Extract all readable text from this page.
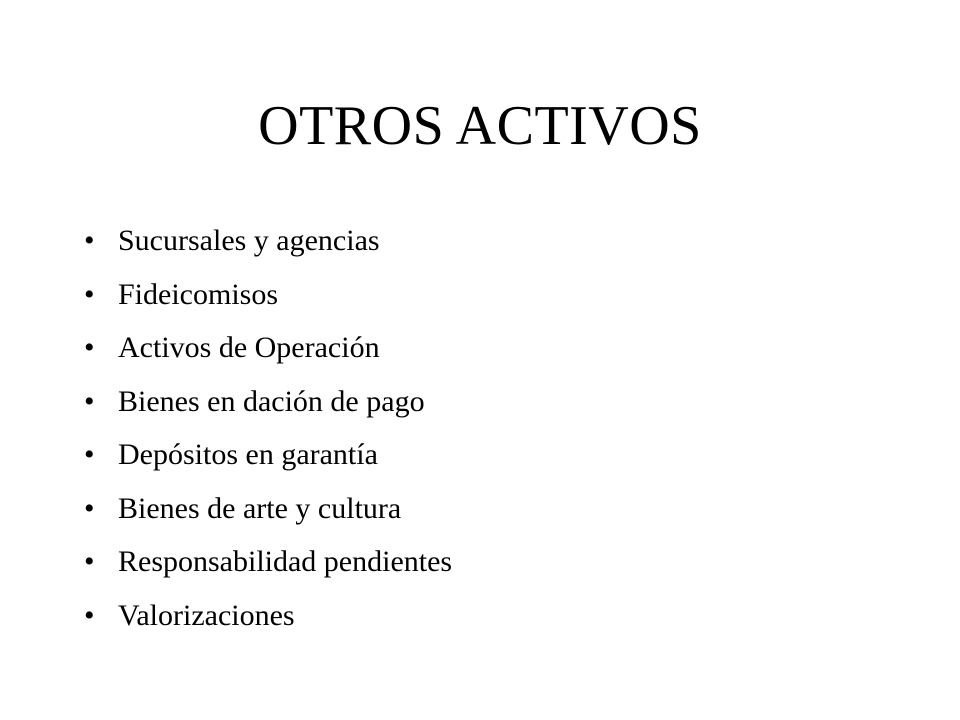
OTROS ACTIVOS
• Sucursales y agencias
• Fideicomisos
• Activos de Operación
• Bienes en dación de pago
• Depósitos en garantía
• Bienes de arte y cultura
• Responsabilidad pendientes
• Valorizaciones
